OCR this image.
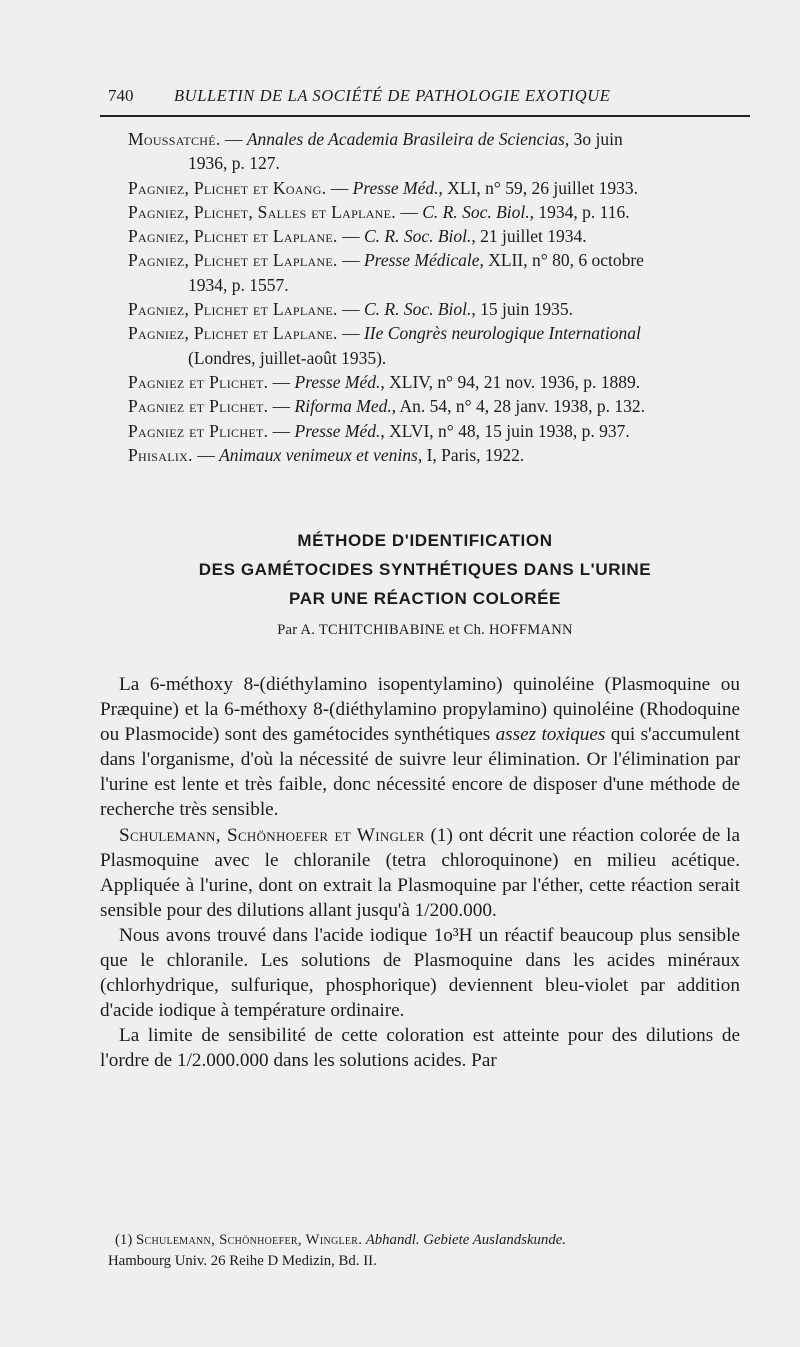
740 BULLETIN DE LA SOCIÉTÉ DE PATHOLOGIE EXOTIQUE
Moussatché. — Annales de Academia Brasileira de Sciencias, 3o juin
1936, p. 127.
Pagniez, Plichet et Koang. — Presse Méd., XLI, n° 59, 26 juillet 1933.
Pagniez, Plichet, Salles et Laplane. — C. R. Soc. Biol., 1934, p. 116.
Pagniez, Plichet et Laplane. — C. R. Soc. Biol., 21 juillet 1934.
Pagniez, Plichet et Laplane. — Presse Médicale, XLII, n° 80, 6 octobre
1934, p. 1557.
Pagniez, Plichet et Laplane. — C. R. Soc. Biol., 15 juin 1935.
Pagniez, Plichet et Laplane. — IIe Congrès neurologique International
(Londres, juillet-août 1935).
Pagniez et Plichet. — Presse Méd., XLIV, n° 94, 21 nov. 1936, p. 1889.
Pagniez et Plichet. — Riforma Med., An. 54, n° 4, 28 janv. 1938, p. 132.
Pagniez et Plichet. — Presse Méd., XLVI, n° 48, 15 juin 1938, p. 937.
Phisalix. — Animaux venimeux et venins, I, Paris, 1922.
MÉTHODE D'IDENTIFICATION
DES GAMÉTOCIDES SYNTHÉTIQUES DANS L'URINE
PAR UNE RÉACTION COLORÉE
Par A. TCHITCHIBABINE et Ch. HOFFMANN

La 6-méthoxy 8-(diéthylamino isopentylamino) quinoléine (Plasmoquine ou Præquine) et la 6-méthoxy 8-(diéthylamino propylamino) quinoléine (Rhodoquine ou Plasmocide) sont des gamétocides synthétiques assez toxiques qui s'accumulent dans l'organisme, d'où la nécessité de suivre leur élimination. Or l'élimination par l'urine est lente et très faible, donc nécessité encore de disposer d'une méthode de recherche très sensible.

Schulemann, Schönhoefer et Wingler (1) ont décrit une réaction colorée de la Plasmoquine avec le chloranile (tetra chloroquinone) en milieu acétique. Appliquée à l'urine, dont on extrait la Plasmoquine par l'éther, cette réaction serait sensible pour des dilutions allant jusqu'à 1/200.000.

Nous avons trouvé dans l'acide iodique 1o³H un réactif beaucoup plus sensible que le chloranile. Les solutions de Plasmoquine dans les acides minéraux (chlorhydrique, sulfurique, phosphorique) deviennent bleu-violet par addition d'acide iodique à température ordinaire.

La limite de sensibilité de cette coloration est atteinte pour des dilutions de l'ordre de 1/2.000.000 dans les solutions acides. Par

(1) Schulemann, Schönhoefer, Wingler. Abhandl. Gebiete Auslandskunde.
Hambourg Univ. 26 Reihe D Medizin, Bd. II.
